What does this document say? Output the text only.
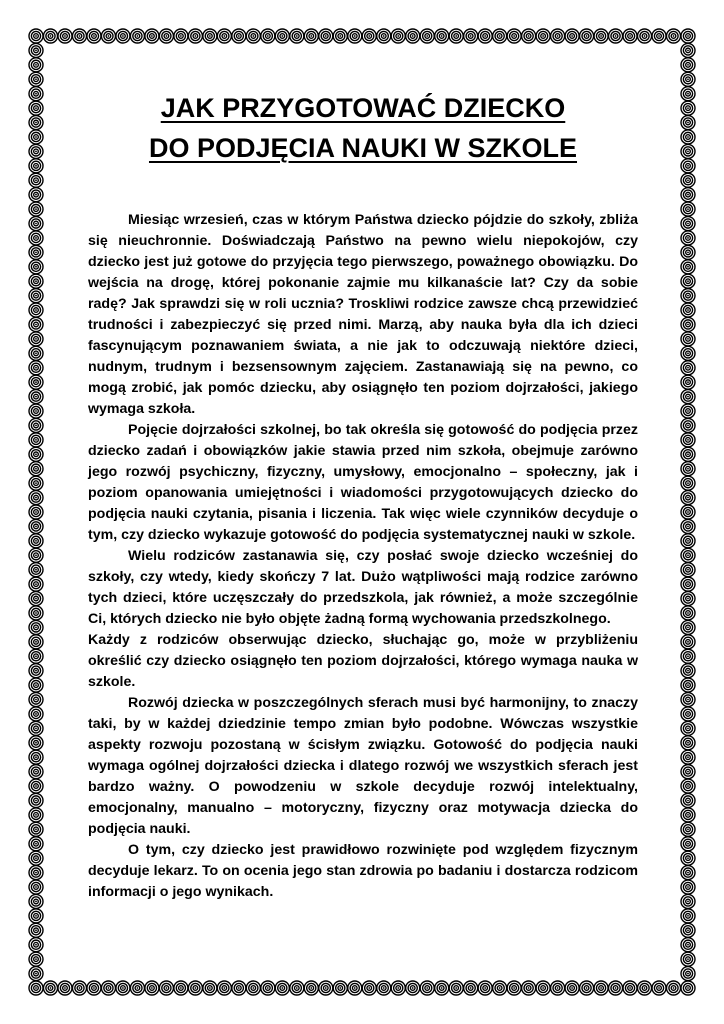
JAK PRZYGOTOWAĆ DZIECKO
DO PODJĘCIA NAUKI W SZKOLE

Miesiąc wrzesień, czas w którym Państwa dziecko pójdzie do szkoły, zbliża się nieuchronnie. Doświadczają Państwo na pewno wielu niepokojów, czy dziecko jest już gotowe do przyjęcia tego pierwszego, poważnego obowiązku. Do wejścia na drogę, której pokonanie zajmie mu kilkanaście lat? Czy da sobie radę? Jak sprawdzi się w roli ucznia? Troskliwi rodzice zawsze chcą przewidzieć trudności i zabezpieczyć się przed nimi. Marzą, aby nauka była dla ich dzieci fascynującym poznawaniem świata, a nie jak to odczuwają niektóre dzieci, nudnym, trudnym i bezsensownym zajęciem. Zastanawiają się na pewno, co mogą zrobić, jak pomóc dziecku, aby osiągnęło ten poziom dojrzałości, jakiego wymaga szkoła.

Pojęcie dojrzałości szkolnej, bo tak określa się gotowość do podjęcia przez dziecko zadań i obowiązków jakie stawia przed nim szkoła, obejmuje zarówno jego rozwój psychiczny, fizyczny, umysłowy, emocjonalno – społeczny, jak i poziom opanowania umiejętności i wiadomości przygotowujących dziecko do podjęcia nauki czytania, pisania i liczenia. Tak więc wiele czynników decyduje o tym, czy dziecko wykazuje gotowość do podjęcia systematycznej nauki w szkole.

Wielu rodziców zastanawia się, czy posłać swoje dziecko wcześniej do szkoły, czy wtedy, kiedy skończy 7 lat. Dużo wątpliwości mają rodzice zarówno tych dzieci, które uczęszczały do przedszkola, jak również, a może szczególnie Ci, których dziecko nie było objęte żadną formą wychowania przedszkolnego.

Każdy z rodziców obserwując dziecko, słuchając go, może w przybliżeniu określić czy dziecko osiągnęło ten poziom dojrzałości, którego wymaga nauka w szkole.

Rozwój dziecka w poszczególnych sferach musi być harmonijny, to znaczy taki, by w każdej dziedzinie tempo zmian było podobne. Wówczas wszystkie aspekty rozwoju pozostaną w ścisłym związku. Gotowość do podjęcia nauki wymaga ogólnej dojrzałości dziecka i dlatego rozwój we wszystkich sferach jest bardzo ważny. O powodzeniu w szkole decyduje rozwój intelektualny, emocjonalny, manualno – motoryczny, fizyczny oraz motywacja dziecka do podjęcia nauki.

O tym, czy dziecko jest prawidłowo rozwinięte pod względem fizycznym decyduje lekarz. To on ocenia jego stan zdrowia po badaniu i dostarcza rodzicom informacji o jego wynikach.
